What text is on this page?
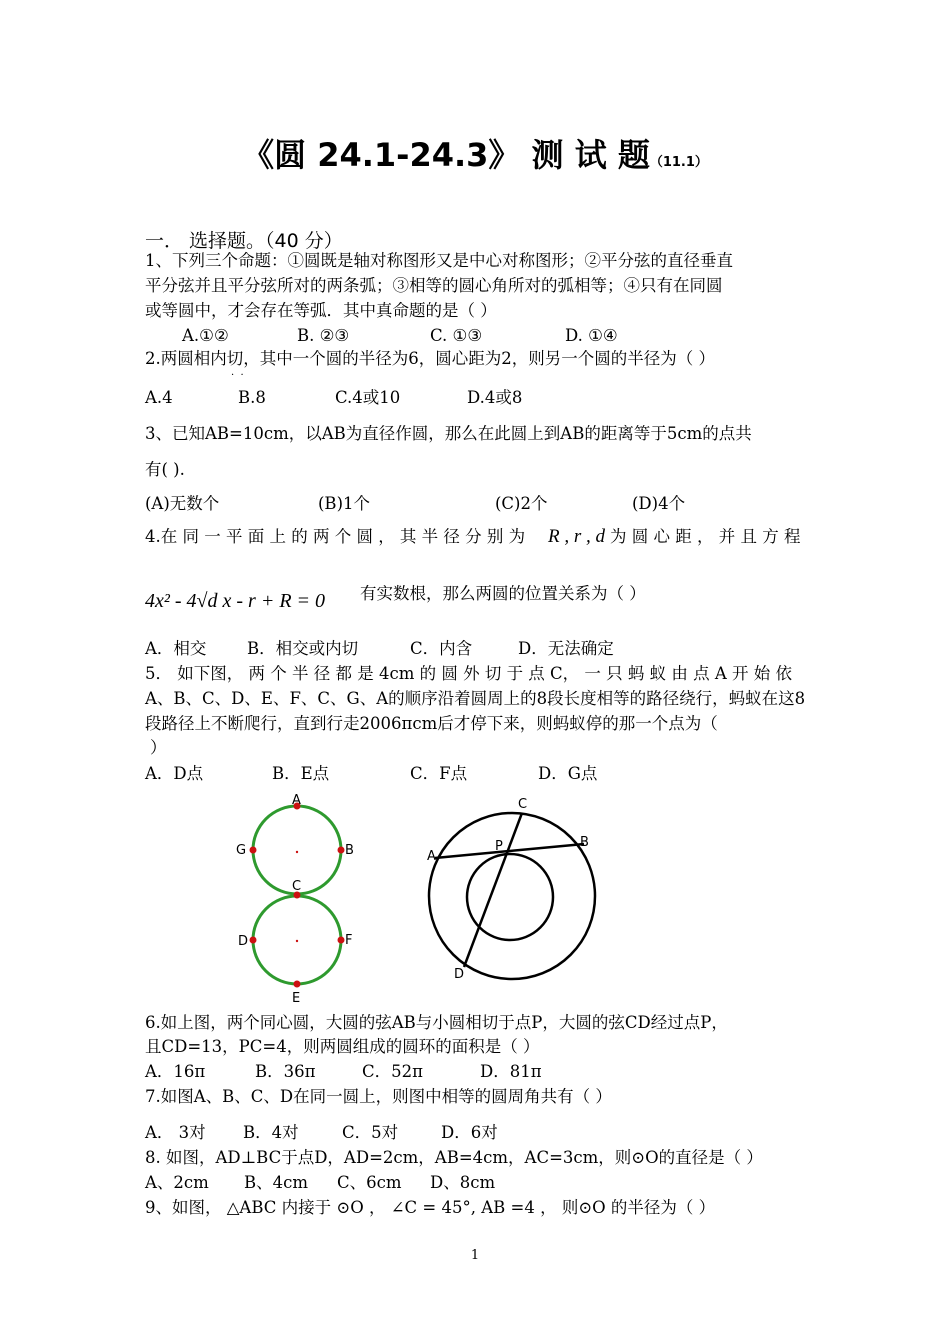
《圆 24.1-24.3》 测 试 题（11.1）
一． 选择题。（40 分）
1、下列三个命题：①圆既是轴对称图形又是中心对称图形；②平分弦的直径垂直
平分弦并且平分弦所对的两条弧；③相等的圆心角所对的弧相等；④只有在同圆
或等圆中，才会存在等弧．其中真命题的是（ ）
A.①②	B. ②③	C. ①③	D. ①④
2.两圆相内切，其中一个圆的半径为6，圆心距为2，则另一个圆的半径为（ ）
·  ·
A.4	B.8	C.4或10	D.4或8
3、已知AB=10cm，以AB为直径作圆，那么在此圆上到AB的距离等于5cm的点共
有( ).
(A)无数个	(B)1个	(C)2个	(D)4个
4.在 同 一 平 面 上 的 两 个 圆 ， 其 半 径 分 别 为 R , r , d 为 圆 心 距 ， 并 且 方 程
4x² - 4√d x - r + R = 0 有实数根，那么两圆的位置关系为（ ）
A．相交 B．相交或内切	C．内含	D．无法确定
5． 如下图， 两 个 半 径 都 是 4cm 的 圆 外 切 于 点 C， 一 只 蚂 蚁 由 点 A 开 始 依
A、B、C、D、E、F、C、G、A的顺序沿着圆周上的8段长度相等的路径绕行，蚂蚁在这8
段路径上不断爬行，直到行走2006πcm后才停下来，则蚂蚁停的那一个点为（
）
A．D点	B．E点	C．F点	D．G点
A
B
C
D
E
F
G	A
B
C
D
P
6.如上图，两个同心圆，大圆的弦AB与小圆相切于点P，大圆的弦CD经过点P，
且CD=13，PC=4，则两圆组成的圆环的面积是（ ）
A．16π	B．36π	C．52π	D．81π
7.如图A、B、C、D在同一圆上，则图中相等的圆周角共有（ ）
A． 3对 B．4对	C．5对	D．6对
8. 如图，AD⊥BC于点D，AD=2cm，AB=4cm，AC=3cm，则⊙O的直径是（ ）
A、2cm B、4cm C、6cm D、8cm
9、如图， △ABC 内接于 ⊙O ， ∠C = 45°, AB =4 ， 则⊙O 的半径为（ ）
1
